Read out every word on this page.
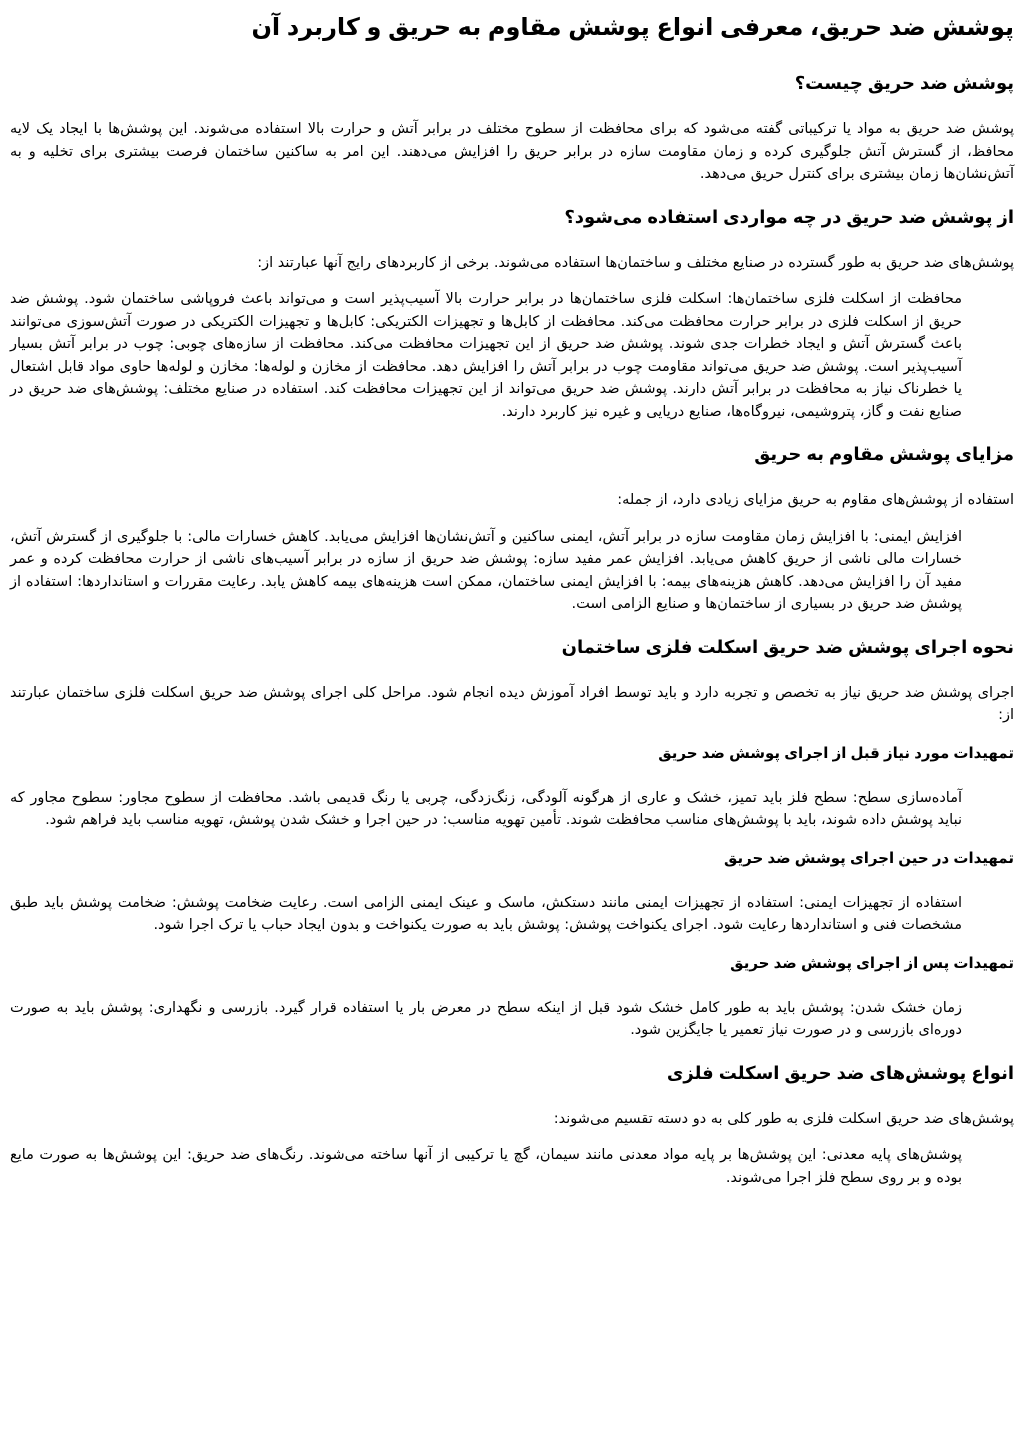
پوشش ضد حریق، معرفی انواع پوشش مقاوم به حریق و کاربرد آن
پوشش ضد حریق چیست؟

پوشش ضد حریق به مواد یا ترکیباتی گفته می‌شود که برای محافظت از سطوح مختلف در برابر آتش و حرارت بالا استفاده می‌شوند. این پوشش‌ها با ایجاد یک لایه محافظ، از گسترش آتش جلوگیری کرده و زمان مقاومت سازه در برابر حریق را افزایش می‌دهند. این امر به ساکنین ساختمان فرصت بیشتری برای تخلیه و به آتش‌نشان‌ها زمان بیشتری برای کنترل حریق می‌دهد.

از پوشش ضد حریق در چه مواردی استفاده می‌شود؟

پوشش‌های ضد حریق به طور گسترده در صنایع مختلف و ساختمان‌ها استفاده می‌شوند. برخی از کاربردهای رایج آنها عبارتند از:

محافظت از اسکلت فلزی ساختمان‌ها: اسکلت فلزی ساختمان‌ها در برابر حرارت بالا آسیب‌پذیر است و می‌تواند باعث فروپاشی ساختمان شود. پوشش ضد حریق از اسکلت فلزی در برابر حرارت محافظت می‌کند. محافظت از کابل‌ها و تجهیزات الکتریکی: کابل‌ها و تجهیزات الکتریکی در صورت آتش‌سوزی می‌توانند باعث گسترش آتش و ایجاد خطرات جدی شوند. پوشش ضد حریق از این تجهیزات محافظت می‌کند. محافظت از سازه‌های چوبی: چوب در برابر آتش بسیار آسیب‌پذیر است. پوشش ضد حریق می‌تواند مقاومت چوب در برابر آتش را افزایش دهد. محافظت از مخازن و لوله‌ها: مخازن و لوله‌ها حاوی مواد قابل اشتعال یا خطرناک نیاز به محافظت در برابر آتش دارند. پوشش ضد حریق می‌تواند از این تجهیزات محافظت کند. استفاده در صنایع مختلف: پوشش‌های ضد حریق در صنایع نفت و گاز، پتروشیمی، نیروگاه‌ها، صنایع دریایی و غیره نیز کاربرد دارند.
مزایای پوشش مقاوم به حریق

استفاده از پوشش‌های مقاوم به حریق مزایای زیادی دارد، از جمله:

افزایش ایمنی: با افزایش زمان مقاومت سازه در برابر آتش، ایمنی ساکنین و آتش‌نشان‌ها افزایش می‌یابد. کاهش خسارات مالی: با جلوگیری از گسترش آتش، خسارات مالی ناشی از حریق کاهش می‌یابد. افزایش عمر مفید سازه: پوشش ضد حریق از سازه در برابر آسیب‌های ناشی از حرارت محافظت کرده و عمر مفید آن را افزایش می‌دهد. کاهش هزینه‌های بیمه: با افزایش ایمنی ساختمان، ممکن است هزینه‌های بیمه کاهش یابد. رعایت مقررات و استانداردها: استفاده از پوشش ضد حریق در بسیاری از ساختمان‌ها و صنایع الزامی است.
نحوه اجرای پوشش ضد حریق اسکلت فلزی ساختمان

اجرای پوشش ضد حریق نیاز به تخصص و تجربه دارد و باید توسط افراد آموزش دیده انجام شود. مراحل کلی اجرای پوشش ضد حریق اسکلت فلزی ساختمان عبارتند از:

تمهیدات مورد نیاز قبل از اجرای پوشش ضد حریق
آماده‌سازی سطح: سطح فلز باید تمیز، خشک و عاری از هرگونه آلودگی، زنگ‌زدگی، چربی یا رنگ قدیمی باشد. محافظت از سطوح مجاور: سطوح مجاور که نباید پوشش داده شوند، باید با پوشش‌های مناسب محافظت شوند. تأمین تهویه مناسب: در حین اجرا و خشک شدن پوشش، تهویه مناسب باید فراهم شود.
تمهیدات در حین اجرای پوشش ضد حریق
استفاده از تجهیزات ایمنی: استفاده از تجهیزات ایمنی مانند دستکش، ماسک و عینک ایمنی الزامی است. رعایت ضخامت پوشش: ضخامت پوشش باید طبق مشخصات فنی و استانداردها رعایت شود. اجرای یکنواخت پوشش: پوشش باید به صورت یکنواخت و بدون ایجاد حباب یا ترک اجرا شود.
تمهیدات پس از اجرای پوشش ضد حریق
زمان خشک شدن: پوشش باید به طور کامل خشک شود قبل از اینکه سطح در معرض بار یا استفاده قرار گیرد. بازرسی و نگهداری: پوشش باید به صورت دوره‌ای بازرسی و در صورت نیاز تعمیر یا جایگزین شود.
انواع پوشش‌های ضد حریق اسکلت فلزی

پوشش‌های ضد حریق اسکلت فلزی به طور کلی به دو دسته تقسیم می‌شوند:

پوشش‌های پایه معدنی: این پوشش‌ها بر پایه مواد معدنی مانند سیمان، گچ یا ترکیبی از آنها ساخته می‌شوند. رنگ‌های ضد حریق: این پوشش‌ها به صورت مایع بوده و بر روی سطح فلز اجرا می‌شوند.
